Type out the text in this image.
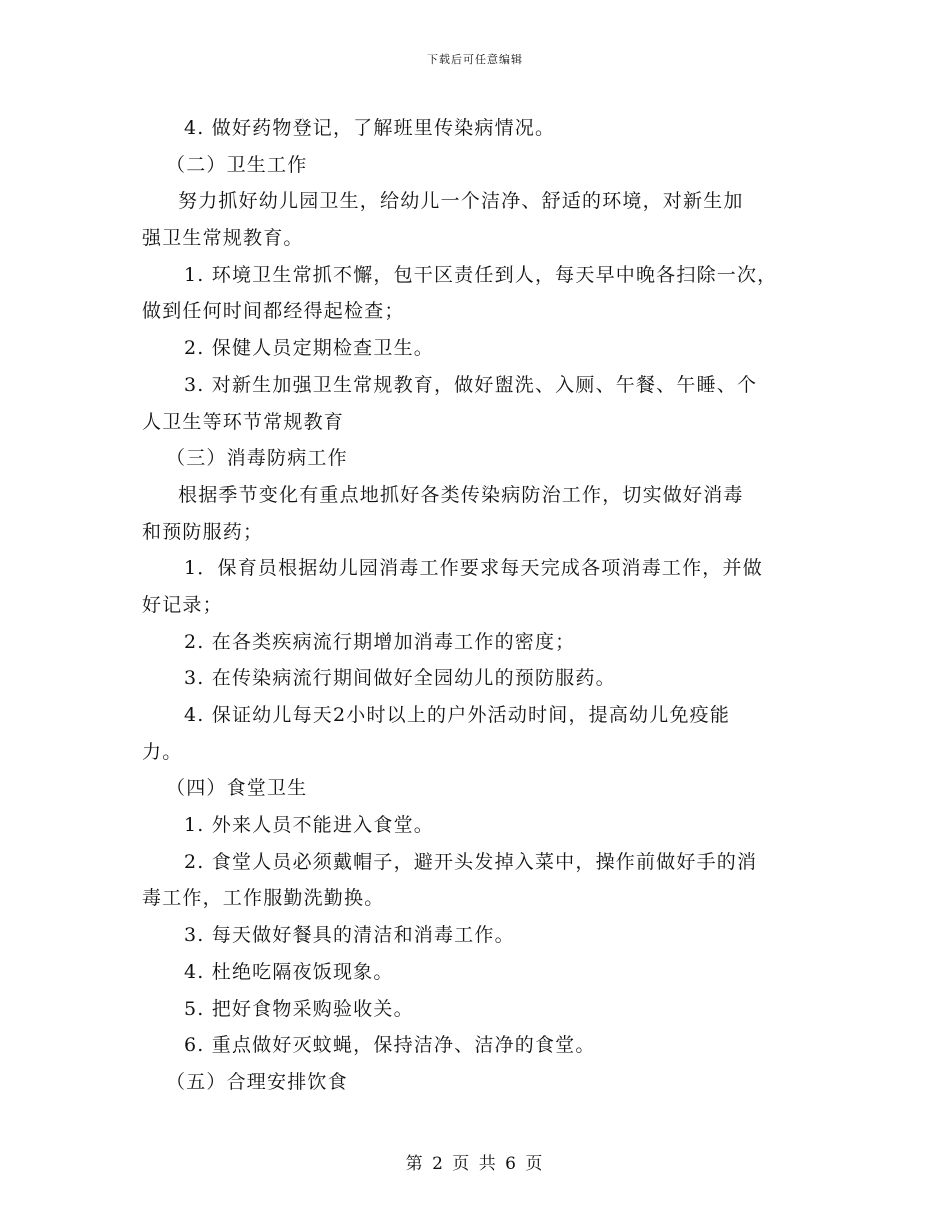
下载后可任意编辑
4. 做好药物登记，了解班里传染病情况。
（二）卫生工作
努力抓好幼儿园卫生，给幼儿一个洁净、舒适的环境，对新生加
强卫生常规教育。
1. 环境卫生常抓不懈，包干区责任到人，每天早中晚各扫除一次，
做到任何时间都经得起检查；
2. 保健人员定期检查卫生。
3. 对新生加强卫生常规教育，做好盥洗、入厕、午餐、午睡、个
人卫生等环节常规教育
（三）消毒防病工作
根据季节变化有重点地抓好各类传染病防治工作，切实做好消毒
和预防服药；
1．保育员根据幼儿园消毒工作要求每天完成各项消毒工作，并做
好记录；
2. 在各类疾病流行期增加消毒工作的密度；
3. 在传染病流行期间做好全园幼儿的预防服药。
4. 保证幼儿每天2小时以上的户外活动时间，提高幼儿免疫能
力。
（四）食堂卫生
1. 外来人员不能进入食堂。
2. 食堂人员必须戴帽子，避开头发掉入菜中，操作前做好手的消
毒工作，工作服勤洗勤换。
3. 每天做好餐具的清洁和消毒工作。
4. 杜绝吃隔夜饭现象。
5. 把好食物采购验收关。
6. 重点做好灭蚊蝇，保持洁净、洁净的食堂。
（五）合理安排饮食
第 2 页 共 6 页
